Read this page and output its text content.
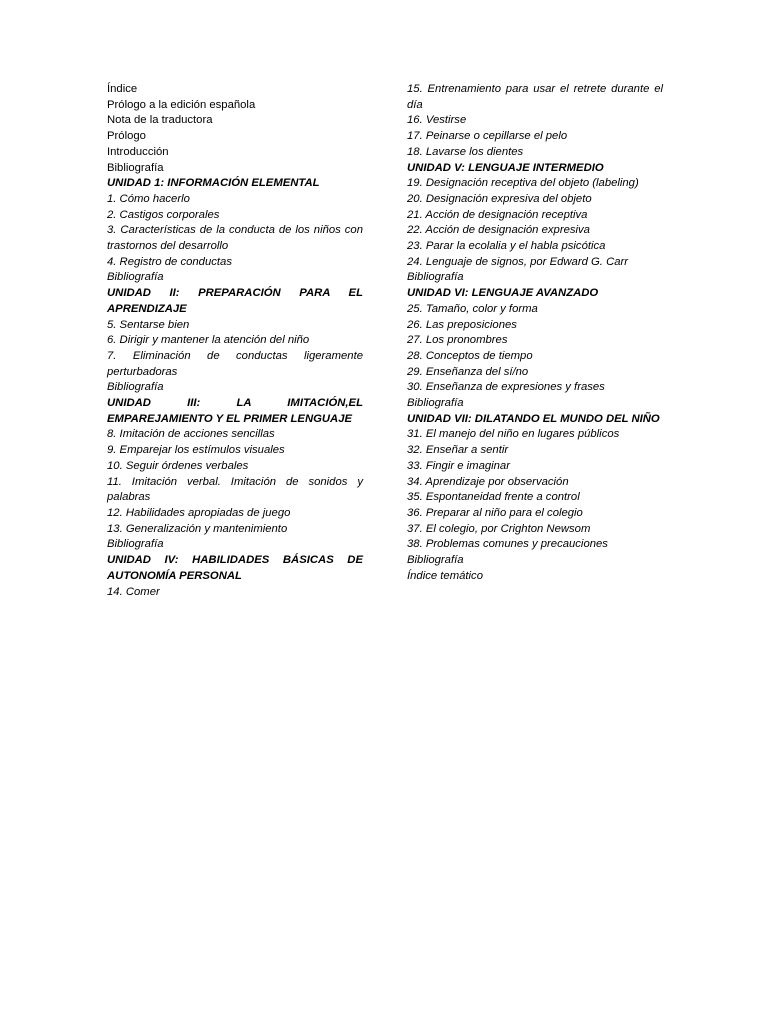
Índice
Prólogo a la edición española
Nota de la traductora
Prólogo
Introducción
Bibliografía
UNIDAD 1: INFORMACIÓN ELEMENTAL
1. Cómo hacerlo
2. Castigos corporales
3. Características de la conducta de los niños con trastornos del desarrollo
4. Registro de conductas
Bibliografía
UNIDAD II: PREPARACIÓN PARA EL APRENDIZAJE
5. Sentarse bien
6. Dirigir y mantener la atención del niño
7. Eliminación de conductas ligeramente perturbadoras
Bibliografía
UNIDAD III: LA IMITACIÓN,EL EMPAREJAMIENTO Y EL PRIMER LENGUAJE
8. Imitación de acciones sencillas
9. Emparejar los estímulos visuales
10. Seguir órdenes verbales
11. Imitación verbal. Imitación de sonidos y palabras
12. Habilidades apropiadas de juego
13. Generalización y mantenimiento
Bibliografía
UNIDAD IV: HABILIDADES BÁSICAS DE AUTONOMÍA PERSONAL
14. Comer
15. Entrenamiento para usar el retrete durante el día
16. Vestirse
17. Peinarse o cepillarse el pelo
18. Lavarse los dientes
UNIDAD V: LENGUAJE INTERMEDIO
19. Designación receptiva del objeto (labeling)
20. Designación expresiva del objeto
21. Acción de designación receptiva
22. Acción de designación expresiva
23. Parar la ecolalia y el habla psicótica
24. Lenguaje de signos, por Edward G. Carr
Bibliografía
UNIDAD VI: LENGUAJE AVANZADO
25. Tamaño, color y forma
26. Las preposiciones
27. Los pronombres
28. Conceptos de tiempo
29. Enseñanza del sí/no
30. Enseñanza de expresiones y frases
Bibliografía
UNIDAD VII: DILATANDO EL MUNDO DEL NIÑO
31. El manejo del niño en lugares públicos
32. Enseñar a sentir
33. Fingir e imaginar
34. Aprendizaje por observación
35. Espontaneidad frente a control
36. Preparar al niño para el colegio
37. El colegio, por Crighton Newsom
38. Problemas comunes y precauciones
Bibliografía
Índice temático
